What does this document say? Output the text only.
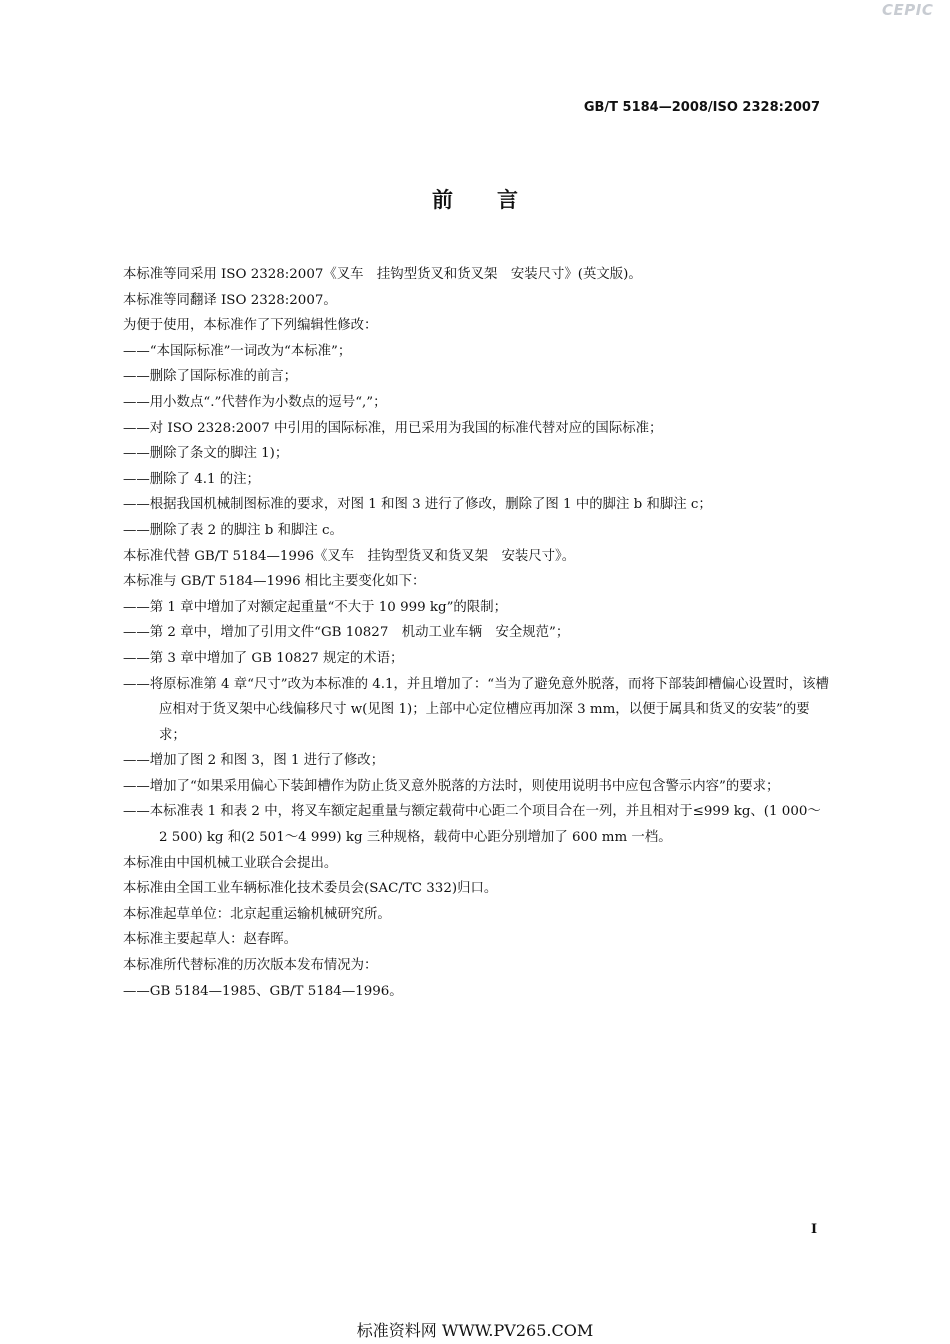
CEPIC
GB/T 5184—2008/ISO 2328:2007
前言

本标准等同采用 ISO 2328:2007《叉车　挂钩型货叉和货叉架　安装尺寸》(英文版)。

本标准等同翻译 ISO 2328:2007。

为便于使用，本标准作了下列编辑性修改：

——“本国际标准”一词改为“本标准”；

——删除了国际标准的前言；

——用小数点“.”代替作为小数点的逗号“,”；

——对 ISO 2328:2007 中引用的国际标准，用已采用为我国的标准代替对应的国际标准；

——删除了条文的脚注 1)；

——删除了 4.1 的注；

——根据我国机械制图标准的要求，对图 1 和图 3 进行了修改，删除了图 1 中的脚注 b 和脚注 c；

——删除了表 2 的脚注 b 和脚注 c。

本标准代替 GB/T 5184—1996《叉车　挂钩型货叉和货叉架　安装尺寸》。

本标准与 GB/T 5184—1996 相比主要变化如下：

——第 1 章中增加了对额定起重量“不大于 10 999 kg”的限制；

——第 2 章中，增加了引用文件“GB 10827　机动工业车辆　安全规范”；

——第 3 章中增加了 GB 10827 规定的术语；

——将原标准第 4 章“尺寸”改为本标准的 4.1，并且增加了：“当为了避免意外脱落，而将下部装卸槽偏心设置时，该槽应相对于货叉架中心线偏移尺寸 w(见图 1)；上部中心定位槽应再加深 3 mm，以便于属具和货叉的安装”的要求；

——增加了图 2 和图 3，图 1 进行了修改；

——增加了“如果采用偏心下装卸槽作为防止货叉意外脱落的方法时，则使用说明书中应包含警示内容”的要求；

——本标准表 1 和表 2 中，将叉车额定起重量与额定载荷中心距二个项目合在一列，并且相对于≤999 kg、(1 000～2 500) kg 和(2 501～4 999) kg 三种规格，载荷中心距分别增加了 600 mm 一档。

本标准由中国机械工业联合会提出。

本标准由全国工业车辆标准化技术委员会(SAC/TC 332)归口。

本标准起草单位：北京起重运输机械研究所。

本标准主要起草人：赵春晖。

本标准所代替标准的历次版本发布情况为：

——GB 5184—1985、GB/T 5184—1996。

I
标准资料网 WWW.PV265.COM
